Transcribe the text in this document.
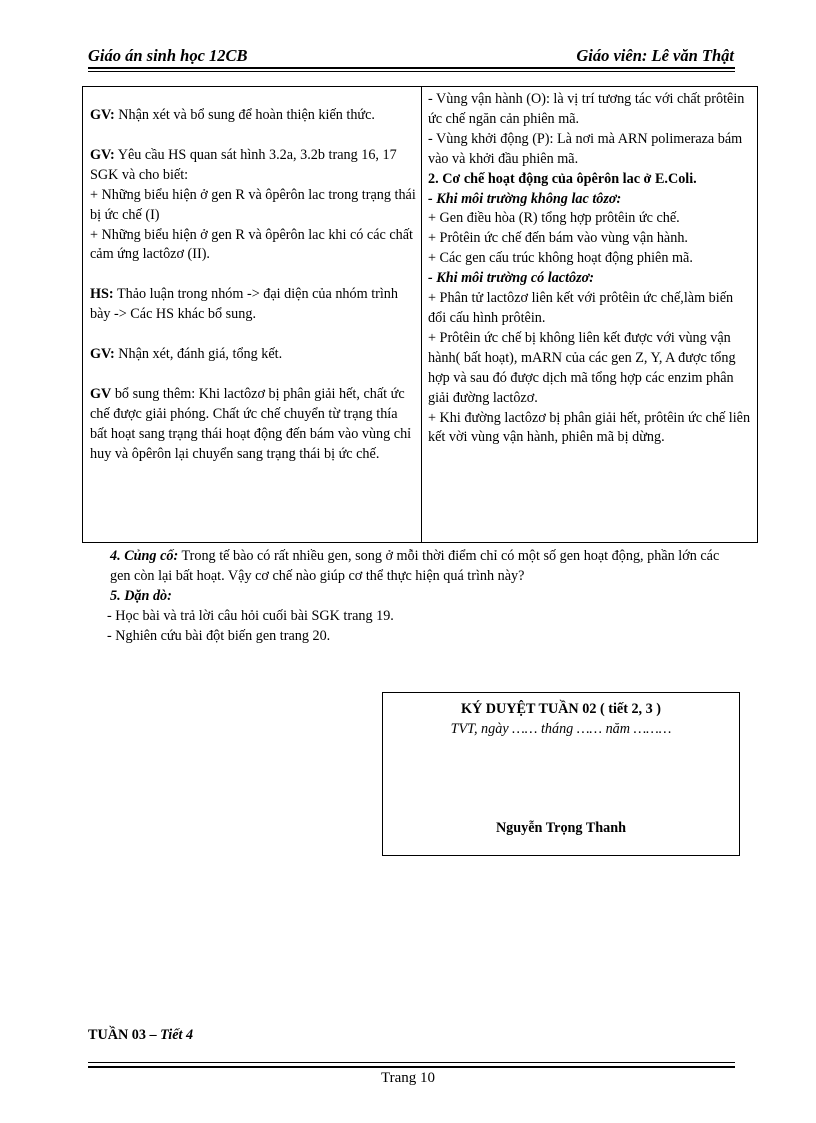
Giáo án sinh học 12CB	Giáo viên: Lê văn Thật

GV: Nhận xét và bổ sung để hoàn thiện kiến thức.

GV: Yêu cầu HS quan sát hình 3.2a, 3.2b trang 16, 17 SGK và cho biết:

+ Những biểu hiện ở gen R và ôpêrôn lac trong trạng thái bị ức chế (I)

+ Những biểu hiện ở gen R và ôpêrôn lac khi có các chất cảm ứng lactôzơ (II).

HS: Thảo luận trong nhóm -> đại diện của nhóm trình bày -> Các HS khác bổ sung.

GV: Nhận xét, đánh giá, tổng kết.

GV bổ sung thêm: Khi lactôzơ bị phân giải hết, chất ức chế được giải phóng. Chất ức chế chuyển từ trạng thía bất hoạt sang trạng thái hoạt động đến bám vào vùng chỉ huy và ôpêrôn lại chuyển sang trạng thái bị ức chế.

- Vùng vận hành (O): là vị trí tương tác với chất prôtêin ức chế ngăn cản phiên mã.

- Vùng khởi động (P): Là nơi mà ARN polimeraza bám vào và khởi đầu phiên mã.

2. Cơ chế hoạt động của ôpêrôn lac ở E.Coli.

- Khi môi trường không lac tôzơ:

+ Gen điều hòa (R) tổng hợp prôtêin ức chế.

+ Prôtêin ức chế đến bám vào vùng vận hành.

+ Các gen cấu trúc không hoạt động phiên mã.

- Khi môi trường có lactôzơ:

+ Phân tử lactôzơ liên kết với prôtêin ức chế,làm biến đổi cấu hình prôtêin.

+ Prôtêin ức chế bị không liên kết được với vùng vận hành( bất hoạt), mARN của các gen Z, Y, A được tổng hợp và sau đó được dịch mã tổng hợp các enzim phân giải đường lactôzơ.

+ Khi đường lactôzơ bị phân giải hết, prôtêin ức chế liên kết vời vùng vận hành, phiên mã bị dừng.

4. Củng cố: Trong tế bào có rất nhiều gen, song ở mỗi thời điểm chỉ có một số gen hoạt động, phần lớn các gen còn lại bất hoạt. Vậy cơ chế nào giúp cơ thể thực hiện quá trình này?

5. Dặn dò:

- Học bài và trả lời câu hỏi cuối bài SGK trang 19.

- Nghiên cứu bài đột biến gen trang 20.

KÝ DUYỆT TUẦN 02 ( tiết 2, 3 )
TVT, ngày …… tháng …… năm ………
Nguyễn Trọng Thanh
TUẦN 03 – Tiết 4
Trang 10
